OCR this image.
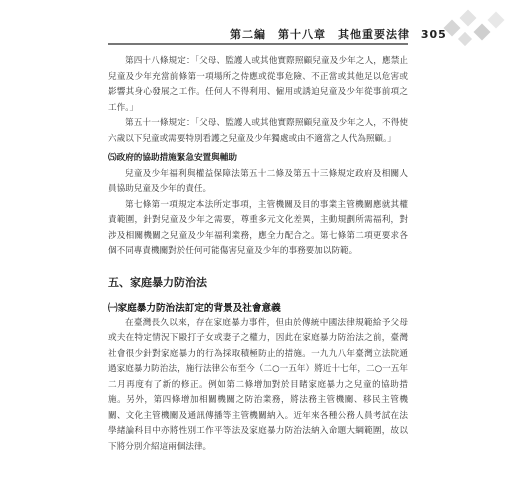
第二編　第十八章　其他重要法律 305

第四十八條規定：「父母、監護人或其他實際照顧兒童及少年之人，應禁止兒童及少年充當前條第一項場所之侍應或從事危險、不正當或其他足以危害或影響其身心發展之工作。任何人不得利用、僱用或誘迫兒童及少年從事前項之工作。」

第五十一條規定：「父母、監護人或其他實際照顧兒童及少年之人，不得使六歲以下兒童或需要特別看護之兒童及少年獨處或由不適當之人代為照顧。」

⑸政府的協助措施緊急安置與輔助

兒童及少年福利與權益保障法第五十二條及第五十三條規定政府及相關人員協助兒童及少年的責任。

第七條第一項規定本法所定事項，主管機關及目的事業主管機關應就其權責範圍，針對兒童及少年之需要，尊重多元文化差異，主動規劃所需福利，對涉及相關機關之兒童及少年福利業務，應全力配合之。第七條第二項更要求各個不同專責機關對於任何可能傷害兒童及少年的事務要加以防範。

五、家庭暴力防治法
㈠家庭暴力防治法訂定的背景及社會意義

在臺灣長久以來，存在家庭暴力事件，但由於傳統中國法律規範給予父母或夫在特定情況下毆打子女或妻子之權力，因此在家庭暴力防治法之前，臺灣社會很少針對家庭暴力的行為採取積極防止的措施。一九九八年臺灣立法院通過家庭暴力防治法，施行法律公布至今（二○一五年）將近十七年，二○一五年二月再度有了新的修正。例如第二條增加對於目睹家庭暴力之兒童的協助措施。另外，第四條增加相關機關之防治業務，將法務主管機關、移民主管機關、文化主管機關及通訊傳播等主管機關納入。近年來各種公務人員考試在法學緒論科目中亦將性別工作平等法及家庭暴力防治法納入命題大綱範圍，故以下將分別介紹這兩個法律。
